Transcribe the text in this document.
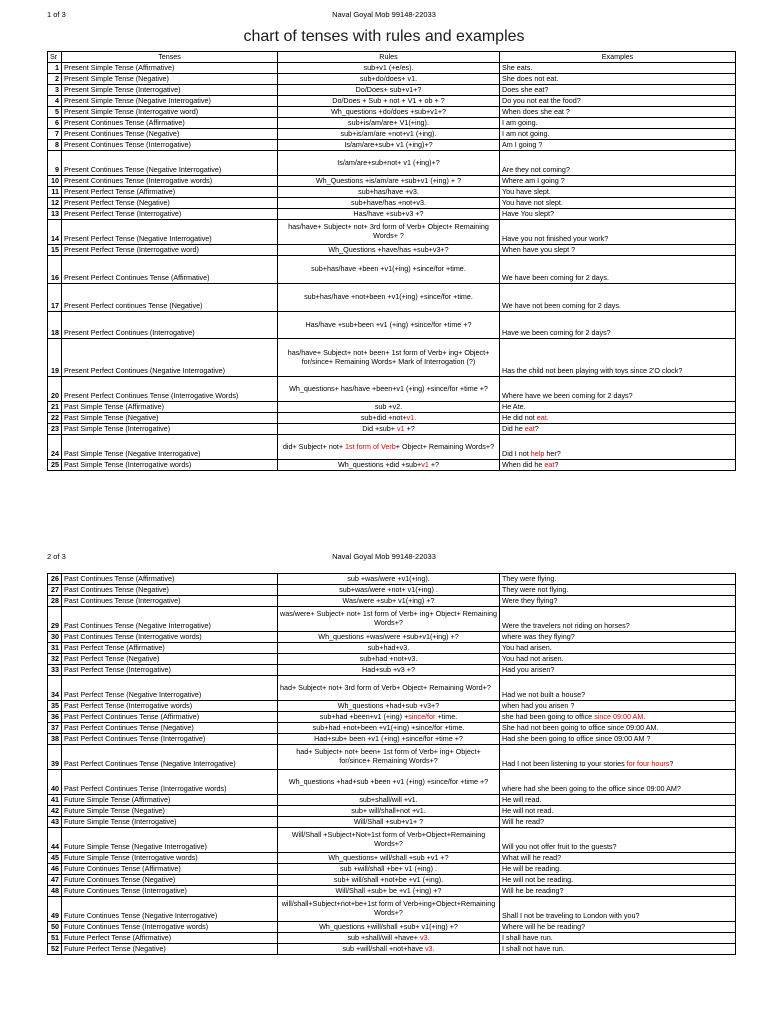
1 of 3	Naval Goyal Mob 99148-22033
chart of tenses with rules and examples
Sr	Tenses	Rules	Examples
1	Present Simple Tense (Affirmative)	sub+v1 (+e/es).	She eats.
2	Present Simple Tense (Negative)	sub+do/does+ v1.	She does not eat.
3	Present Simple Tense (Interrogative)	Do/Does+ sub+v1+?	Does she eat?
4	Present Simple Tense (Negative Interrogative)	Do/Does + Sub + not + V1 + ob + ?	Do you not eat the food?
5	Present Simple Tense (Interrogative word)	Wh_questions +do/does +sub+v1+?	When does she eat ?
6	Present Continues Tense (Affirmative)	sub+is/am/are+ V1(+ing).	I am going.
7	Present Continues Tense (Negative)	sub+is/am/are +not+v1 (+ing).	I am not going.
8	Present Continues Tense (Interrogative)	Is/am/are+sub+ v1 (+ing)+?	Am I going ?
9	Present Continues Tense (Negative Interrogative)	Is/am/are+sub+not+ v1 (+ing)+?	Are they not coming?
10	Present Continues Tense (Interrogative words)	Wh_Questions +is/am/are +sub+v1 (+ing) + ?	Where am I going ?
11	Present Perfect Tense (Affirmative)	sub+has/have +v3.	You have slept.
12	Present Perfect Tense (Negative)	sub+have/has +not+v3.	You have not slept.
13	Present Perfect Tense (Interrogative)	Has/have +sub+v3 +?	Have You slept?
14	Present Perfect Tense (Negative Interrogative)	has/have+ Subject+ not+ 3rd form of Verb+ Object+ Remaining Words+ ?	Have you not finished your work?
15	Present Perfect Tense (Interrogative word)	Wh_Questions +have/has +sub+v3+?	When have you slept ?
16	Present Perfect Continues Tense (Affirmative)	sub+has/have +been +v1(+ing) +since/for +time.	We have been coming for 2 days.
17	Present Perfect continues Tense (Negative)	sub+has/have +not+been +v1(+ing) +since/for +time.	We have not been coming for 2 days.
18	Present Perfect Continues (Interrogative)	Has/have +sub+been +v1 (+ing) +since/for +time +?	Have we been coming for 2 days?
19	Present Perfect Continues (Negative Interrogative)	has/have+ Subject+ not+ been+ 1st form of Verb+ ing+ Object+ for/since+ Remaining Words+ Mark of Interrogation (?)	Has the child not been playing with toys since 2'O clock?
20	Present Perfect Continues Tense (Interrogative Words)	Wh_questions+ has/have +been+v1 (+ing) +since/for +time +?	Where have we been coming for 2 days?
21	Past Simple Tense (Affirmative)	sub +v2.	He Ate.
22	Past Simple Tense (Negative)	sub+did +not+v1.	He did not eat.
23	Past Simple Tense (Interrogative)	Did +sub+ v1 +?	Did he eat?
24	Past Simple Tense (Negative Interrogative)	did+ Subject+ not+ 1st form of Verb+ Object+ Remaining Words+?	Did I not help her?
25	Past Simple Tense (Interrogative words)	Wh_questions +did +sub+v1 +?	When did he eat?
2 of 3	Naval Goyal Mob 99148-22033
26	Past Continues Tense (Affirmative)	sub +was/were +v1(+ing).	They were flying.
27	Past Continues Tense (Negative)	sub+was/were +not+ v1(+ing) .	They were not flying.
28	Past Continues Tense (Interrogative)	Was/were +sub+ v1(+ing) +?	Were they flying?
29	Past Continues Tense (Negative Interrogative)	was/were+ Subject+ not+ 1st form of Verb+ ing+ Object+ Remaining Words+?	Were the travelers not riding on horses?
30	Past Continues Tense (Interrogative words)	Wh_questions +was/were +sub+v1(+ing) +?	where was they flying?
31	Past Perfect Tense (Affirmative)	sub+had+v3.	You had arisen.
32	Past Perfect Tense (Negative)	sub+had +not+v3.	You had not arisen.
33	Past Perfect Tense (Interrogative)	Had+sub +v3 +?	Had you arisen?
34	Past Perfect Tense (Negative Interrogative)	had+ Subject+ not+ 3rd form of Verb+ Object+ Remaining Word+?	Had we not built a house?
35	Past Perfect Tense (Interrogative words)	Wh_questions +had+sub +v3+?	when had you arisen ?
36	Past Perfect Continues Tense (Affirmative)	sub+had +been+v1 (+ing) +since/for +time.	she had been going to office since 09:00 AM.
37	Past Perfect Continues Tense (Negative)	sub+had +not+been +v1(+ing) +since/for +time.	She had not been going to office since 09:00 AM.
38	Past Perfect Continues Tense (Interrogative)	Had+sub+ been +v1 (+ing) +since/for +time +?	Had she been going to office since 09:00 AM ?
39	Past Perfect Continues Tense (Negative Interrogative)	had+ Subject+ not+ been+ 1st form of Verb+ ing+ Object+ for/since+ Remaining Words+?	Had I not been listening to your stories for four hours?
40	Past Perfect Continues Tense (Interrogative words)	Wh_questions +had+sub +been +v1 (+ing) +since/for +time +?	where had she been going to the office since 09:00 AM?
41	Future Simple Tense (Affirmative)	sub+shall/will +v1.	He will read.
42	Future Simple Tense (Negative)	sub+ will/shall+not +v1.	He will not read.
43	Future Simple Tense (Interrogative)	Will/Shall +sub+v1+ ?	Will he read?
44	Future Simple Tense (Negative Interrogative)	Will/Shall +Subject+Not+1st form of Verb+Object+Remaining Words+?	Will you not offer fruit to the guests?
45	Future Simple Tense (Interrogative words)	Wh_questions+ will/shall +sub +v1 +?	What will he read?
46	Future Continues Tense (Affirmative)	sub +will/shall +be+ v1 (+ing) .	He will be reading.
47	Future Continues Tense (Negative)	sub+ will/shall +not+be +v1 (+ing).	He will not be reading.
48	Future Continues Tense (Interrogative)	Will/Shall +sub+ be +v1 (+ing) +?	Will he be reading?
49	Future Continues Tense (Negative Interrogative)	will/shall+Subject+not+be+1st form of Verb+ing+Object+Remaining Words+?	Shall I not be traveling to London with you?
50	Future Continues Tense (Interrogative words)	Wh_questions +will/shall +sub+ v1(+ing) +?	Where will he be reading?
51	Future Perfect Tense (Affirmative)	sub +shall/will +have+ v3.	I shall have run.
52	Future Perfect Tense (Negative)	sub +will/shall +not+have v3.	I shall not have run.
